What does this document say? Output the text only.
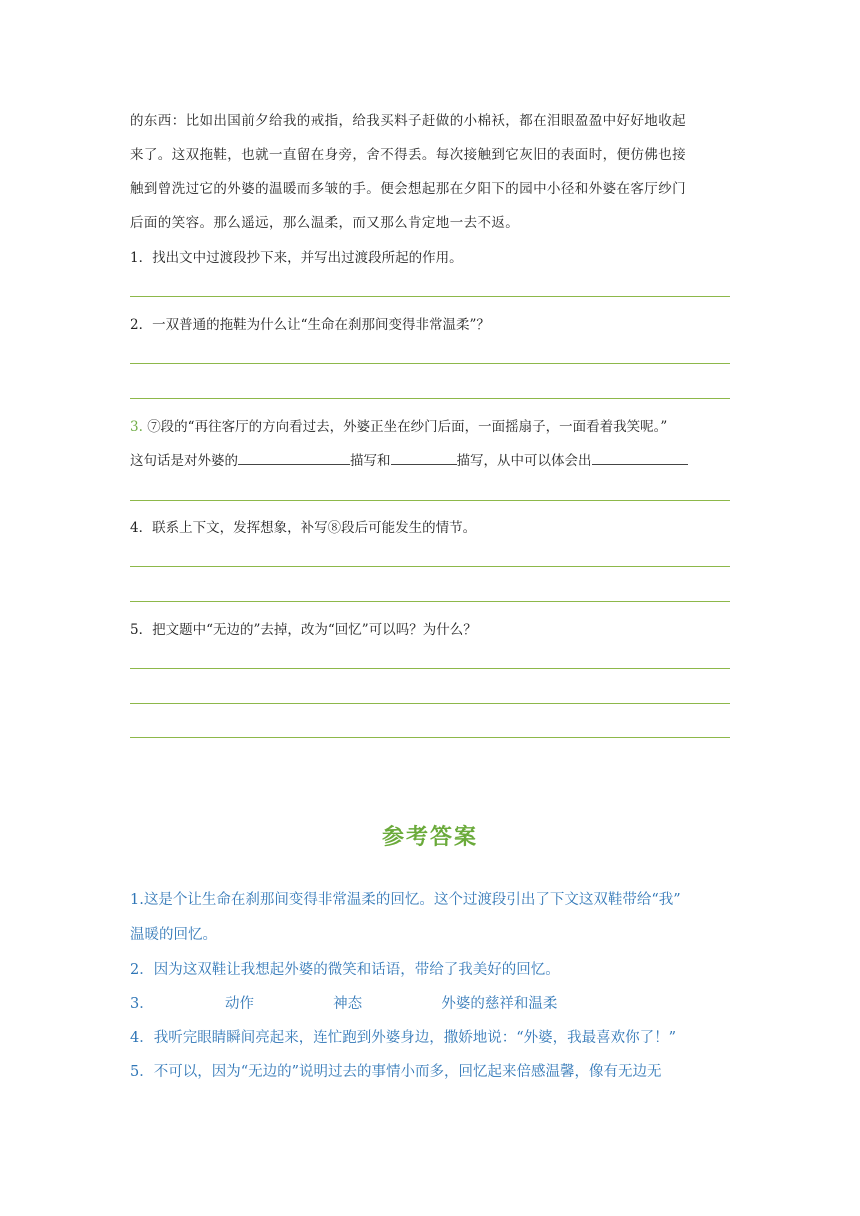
的东西：比如出国前夕给我的戒指，给我买料子赶做的小棉袄，都在泪眼盈盈中好好地收起

来了。这双拖鞋，也就一直留在身旁，舍不得丢。每次接触到它灰旧的表面时，便仿佛也接

触到曾洗过它的外婆的温暖而多皱的手。便会想起那在夕阳下的园中小径和外婆在客厅纱门

后面的笑容。那么遥远，那么温柔，而又那么肯定地一去不返。

1．找出文中过渡段抄下来，并写出过渡段所起的作用。
2．一双普通的拖鞋为什么让“生命在刹那间变得非常温柔”？
3. ⑦段的“再往客厅的方向看过去，外婆正坐在纱门后面，一面摇扇子，一面看着我笑呢。”
这句话是对外婆的	描写和	描写，从中可以体会出
4．联系上下文，发挥想象，补写⑧段后可能发生的情节。
5．把文题中“无边的”去掉，改为“回忆”可以吗？为什么？
参考答案
1.这是个让生命在刹那间变得非常温柔的回忆。这个过渡段引出了下文这双鞋带给“我”
温暖的回忆。
2．因为这双鞋让我想起外婆的微笑和话语，带给了我美好的回忆。
3．	动作	神态	外婆的慈祥和温柔
4．我听完眼睛瞬间亮起来，连忙跑到外婆身边，撒娇地说：“外婆，我最喜欢你了！”
5．不可以，因为“无边的”说明过去的事情小而多，回忆起来倍感温馨，像有无边无
